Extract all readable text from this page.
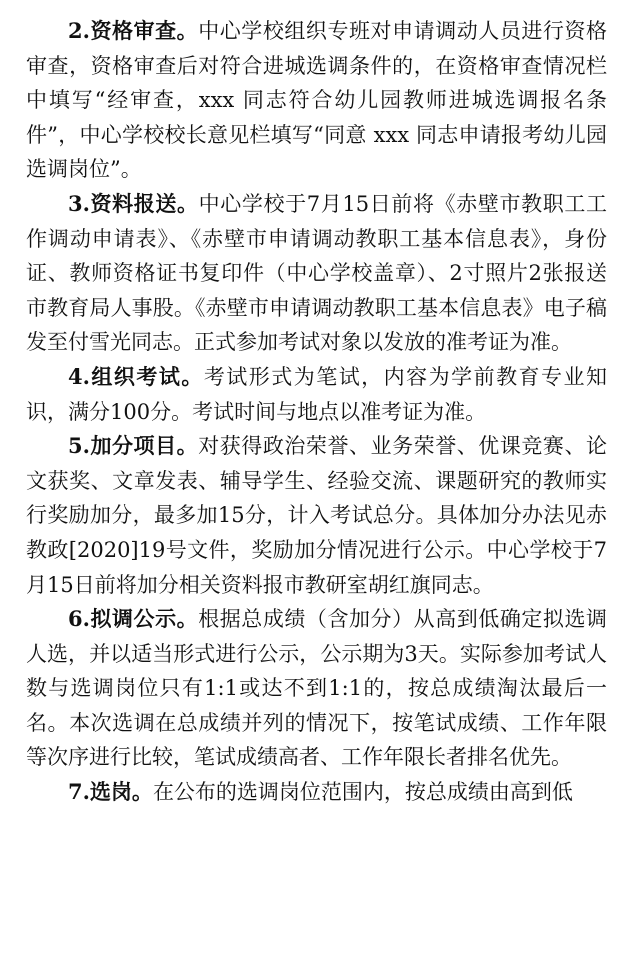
2.资格审查。中心学校组织专班对申请调动人员进行资格审查，资格审查后对符合进城选调条件的，在资格审查情况栏中填写“经审查，xxx 同志符合幼儿园教师进城选调报名条件”，中心学校校长意见栏填写“同意 xxx 同志申请报考幼儿园选调岗位”。

3.资料报送。中心学校于7月15日前将《赤壁市教职工工作调动申请表》、《赤壁市申请调动教职工基本信息表》，身份证、教师资格证书复印件（中心学校盖章）、2寸照片2张报送市教育局人事股。《赤壁市申请调动教职工基本信息表》电子稿发至付雪光同志。正式参加考试对象以发放的准考证为准。

4.组织考试。考试形式为笔试，内容为学前教育专业知识，满分100分。考试时间与地点以准考证为准。

5.加分项目。对获得政治荣誉、业务荣誉、优课竞赛、论文获奖、文章发表、辅导学生、经验交流、课题研究的教师实行奖励加分，最多加15分，计入考试总分。具体加分办法见赤教政[2020]19号文件，奖励加分情况进行公示。中心学校于7月15日前将加分相关资料报市教研室胡红旗同志。

6.拟调公示。根据总成绩（含加分）从高到低确定拟选调人选，并以适当形式进行公示，公示期为3天。实际参加考试人数与选调岗位只有1:1或达不到1:1的，按总成绩淘汰最后一名。本次选调在总成绩并列的情况下，按笔试成绩、工作年限等次序进行比较，笔试成绩高者、工作年限长者排名优先。

7.选岗。在公布的选调岗位范围内，按总成绩由高到低
